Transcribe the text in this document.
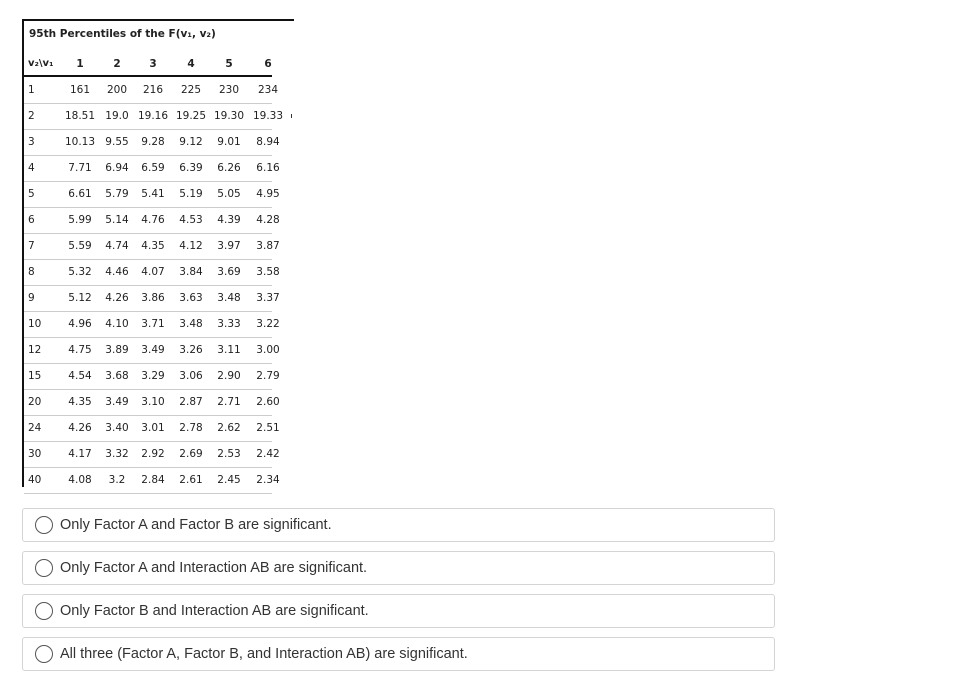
95th Percentiles of the F(v₁, v₂)
v₂\v₁ 1	2	3	4	5	6
1	161 200 216 225 230 234
2	18.51 19.0 19.16 19.25 19.30 19.33
3	10.13 9.55 9.28 9.12 9.01 8.94
4	7.71 6.94 6.59 6.39 6.26 6.16
5	6.61 5.79 5.41 5.19 5.05 4.95
6	5.99 5.14 4.76 4.53 4.39 4.28
7	5.59 4.74 4.35 4.12 3.97 3.87
8	5.32 4.46 4.07 3.84 3.69 3.58
9	5.12 4.26 3.86 3.63 3.48 3.37
10	4.96 4.10 3.71 3.48 3.33 3.22
12	4.75 3.89 3.49 3.26 3.11 3.00
15	4.54 3.68 3.29 3.06 2.90 2.79
20	4.35 3.49 3.10 2.87 2.71 2.60
24	4.26 3.40 3.01 2.78 2.62 2.51
30	4.17 3.32 2.92 2.69 2.53 2.42
40	4.08 3.2 2.84 2.61 2.45 2.34
Only Factor A and Factor B are significant.
Only Factor A and Interaction AB are significant.
Only Factor B and Interaction AB are significant.
All three (Factor A, Factor B, and Interaction AB) are significant.
